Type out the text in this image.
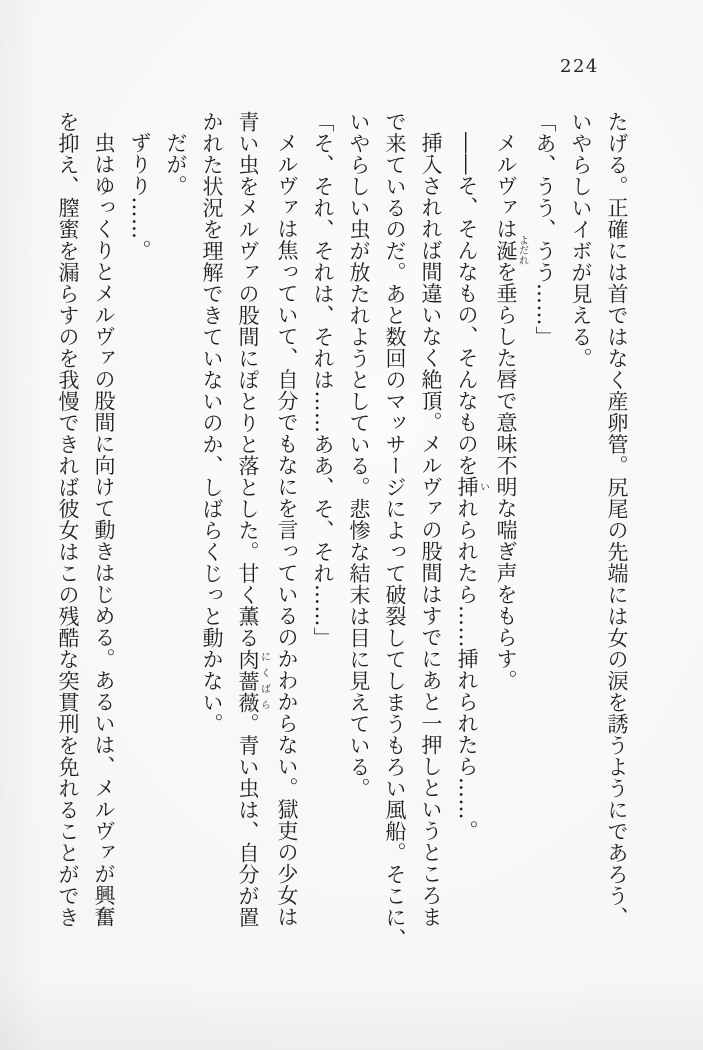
224

たげる。正確には首ではなく産卵管。尻尾の先端には女の涙を誘うようにであろう、

いやらしいイボが見える。

「あ、うう、うう……」

メルヴァは涎よだれを垂らした唇で意味不明な喘ぎ声をもらす。

――そ、そんなもの、そんなものを挿いれられたら……挿れられたら……。

挿入されれば間違いなく絶頂。メルヴァの股間はすでにあと一押しというところま

で来ているのだ。あと数回のマッサージによって破裂してしまうもろい風船。そこに、

いやらしい虫が放たれようとしている。悲惨な結末は目に見えている。

「そ、それ、それは、それは……ああ、そ、それ……」

メルヴァは焦っていて、自分でもなにを言っているのかわからない。獄吏の少女は

青い虫をメルヴァの股間にぽとりと落とした。甘く薫る肉薔薇にくばら。青い虫は、自分が置

かれた状況を理解できていないのか、しばらくじっと動かない。

だが。

ずりり……。

虫はゆっくりとメルヴァの股間に向けて動きはじめる。あるいは、メルヴァが興奮

を抑え、膣蜜を漏らすのを我慢できれば彼女はこの残酷な突貫刑を免れることができ
